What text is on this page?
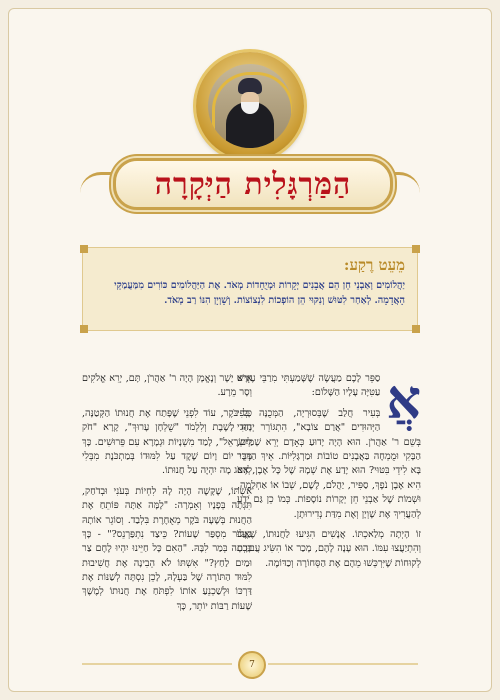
הַמַּרְגָּלִית הַיְּקָרָה

מֵעֵט רֶקַע:

יַהֲלוֹמִים וְאַבְנֵי חֵן הֵם אֲבָנִים יְקָרוֹת וּמְיֻחָדוֹת מְאֹד. אֶת הַיַּהֲלוֹמִים כּוֹרִים מִמַּעֲמַקֵּי הָאֲדָמָה. לְאַחַר לִטּוּשׁ וְנִקּוּי הֵן הוֹפְכוֹת לִנְצוֹצוֹת. וְשָׁוְיָן הִנּוֹ רַב מְאֹד.

אֲ

סַפֵּר לָכֶם מַעֲשֶׂה שֶׁשָּׁמַעְתִּי מִרַבֵּי עֶזְרָא עַטִּיָּה עָלָיו הַשָּׁלוֹם:

בְּעִיר חֲלַב שֶׁבְּסוּרְיָה, הַמְּכֻנָּה בְּפִי הַיְּהוּדִים "אֲרַם צוֹבָא", הִתְגּוֹרֵר יְהוּדִי בְּשֵׁם ר' אַהֲרֹן. הוּא הָיָה יָדוּעַ כְּאָדָם יְרֵא שָׁמַיִם, הַבָּקִי וּמֻמְחֶה בַּאֲבָנִים טוֹבוֹת וּמַרְגָּלִיּוֹת. אֵיךְ הַדָּבָר בָּא לִידֵי בִּטּוּי? הוּא יָדַע אֶת שְׁמָהּ שֶׁל כָּל אֶבֶן, אִם הִיא אֶבֶן נֹפֶךְ, סַפִּיר, יַהֲלֹם, לֶשֶׁם, שְׁבוֹ אוֹ אַחְלָמָה, וּשְׁמוֹת שֶׁל אַבְנֵי חֵן יְקָרוֹת נוֹסָפוֹת. כְּמוֹ כֵן גַּם יָדַע לְהַעֲרִיךְ אֶת שָׁוְיָן וְאֶת מִדַּת נְדִירוּתָן.

זוֹ הָיְתָה מְלַאכְתּוֹ. אֲנָשִׁים הִגִּיעוּ לַחֲנוּתוֹ, שֶׁאֲלוּ וְהִתְיַעֲצוּ עִמּוֹ. הוּא עָנָה לָהֶם, מָכַר אוֹ הִשִּׂיג עֲבוּרָם לְקוּחוֹת שֶׁיִּרְכְּשׁוּ מֵהֶם אֶת הַסְּחוֹרָה וְכַדּוֹמֶה.

אִישׁ יָשָׁר וְנֶאֱמָן הָיָה ר' אַהֲרֹן, תָּם, יְרֵא אֱלֹקִים וְסָר מֵרָע.

כָּל בֹּקֶר, עוֹד לִפְנֵי שֶׁפָּתַח אֶת חֲנוּתוֹ הַקְּטַנָּה, נָהַג לָשֶׁבֶת וְלִלְמֹד "שֻׁלְחָן עָרוּךְ", קָרָא "חֹק לְיִשְׂרָאֵל", לָמַד מִשְׁנָיוֹת וּגְמָרָא עִם פֵּרוּשִׁים. כָּךְ מִדֵּי יוֹם וָיוֹם שֶׁקֶד עַל לִמּוּדוֹ בְּמַתְכֹּנֶת מִבְּלִי לְדַאֹג מָה יִהְיֶה עַל חֲנוּתוֹ.

אִשְׁתּוֹ, שֶׁקָּשֶׁה הָיָה לָהּ לִחְיוֹת בְּעֹנִי וּבְדֹחַק, תִּגְּתָה בְּפָנָיו וְאָמְרָה: "לָמָּה אַתָּה פּוֹתֵחַ אֶת הַחֲנוּת בְּשָׁעָה בֹּקֶר מְאֻחֶרֶת בִּלְבַד. וְסוֹגֵר אוֹתָהּ כַּעֲבֹר מִסְפַּר שָׁעוֹת? כֵּיצַד נִתְפַּרְנֵס?" - כָּךְ בָּכְתָה בְּמַר לִבָּהּ. "הַאִם כָּל חַיֵּינוּ יִהְיוּ לֶחֶם צַר וּמַיִם לַחַץ?" אִשְׁתּוֹ לֹא הֵבִינָה אֶת חֲשִׁיבוּת לִמּוּד הַתּוֹרָה שֶׁל בַּעְלָהּ, לָכֵן נִסְתָּה לְשַׁנּוֹת אֶת דַּרְכּוֹ וּלְשַׁכְנֵעַ אוֹתוֹ לִפְתֹּחַ אֶת חֲנוּתוֹ לְמֶשֶׁךְ שָׁעוֹת רַבּוֹת יוֹתֵר, כָּךְ

7
